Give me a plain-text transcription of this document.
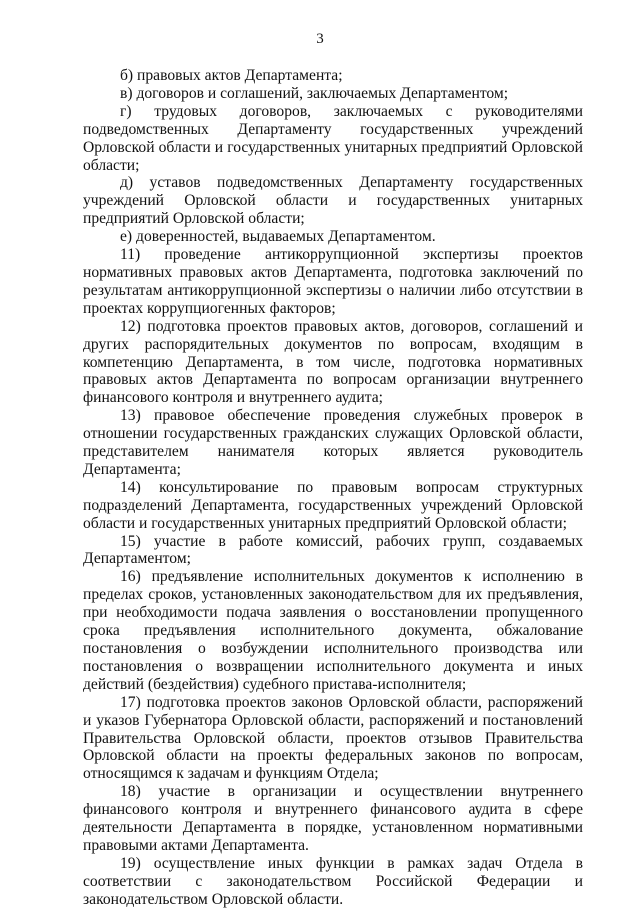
3

б) правовых актов Департамента;

в) договоров и соглашений, заключаемых Департаментом;

г) трудовых договоров, заключаемых с руководителями подведомственных Департаменту государственных учреждений Орловской области и государственных унитарных предприятий Орловской области;

д) уставов подведомственных Департаменту государственных учреждений Орловской области и государственных унитарных предприятий Орловской области;

е) доверенностей, выдаваемых Департаментом.

11) проведение антикоррупционной экспертизы проектов нормативных правовых актов Департамента, подготовка заключений по результатам антикоррупционной экспертизы о наличии либо отсутствии в проектах коррупциогенных факторов;

12) подготовка проектов правовых актов, договоров, соглашений и других распорядительных документов по вопросам, входящим в компетенцию Департамента, в том числе, подготовка нормативных правовых актов Департамента по вопросам организации внутреннего финансового контроля и внутреннего аудита;

13) правовое обеспечение проведения служебных проверок в отношении государственных гражданских служащих Орловской области, представителем нанимателя которых является руководитель Департамента;

14) консультирование по правовым вопросам структурных подразделений Департамента, государственных учреждений Орловской области и государственных унитарных предприятий Орловской области;

15) участие в работе комиссий, рабочих групп, создаваемых Департаментом;

16) предъявление исполнительных документов к исполнению в пределах сроков, установленных законодательством для их предъявления, при необходимости подача заявления о восстановлении пропущенного срока предъявления исполнительного документа, обжалование постановления о возбуждении исполнительного производства или постановления о возвращении исполнительного документа и иных действий (бездействия) судебного пристава-исполнителя;

17) подготовка проектов законов Орловской области, распоряжений и указов Губернатора Орловской области, распоряжений и постановлений Правительства Орловской области, проектов отзывов Правительства Орловской области на проекты федеральных законов по вопросам, относящимся к задачам и функциям Отдела;

18) участие в организации и осуществлении внутреннего финансового контроля и внутреннего финансового аудита в сфере деятельности Департамента в порядке, установленном нормативными правовыми актами Департамента.

19) осуществление иных функции в рамках задач Отдела в соответствии с законодательством Российской Федерации и законодательством Орловской области.
